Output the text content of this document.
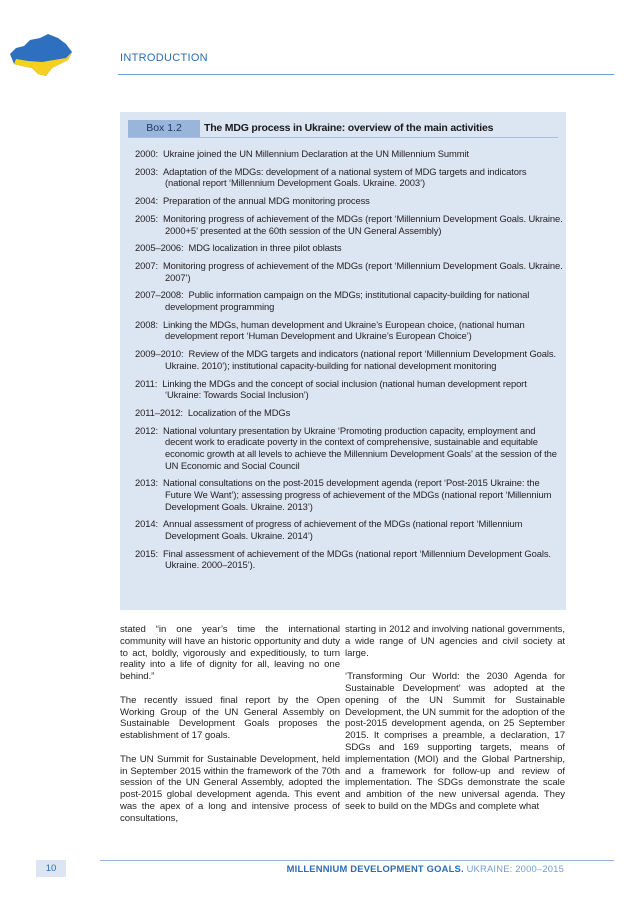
INTRODUCTION
Box 1.2	The MDG process in Ukraine: overview of the main activities
2000:  Ukraine joined the UN Millennium Declaration at the UN Millennium Summit
2003:  Adaptation of the MDGs: development of a national system of MDG targets and indicators (national report ‘Millennium Development Goals. Ukraine. 2003’)
2004:  Preparation of the annual MDG monitoring process
2005:  Monitoring progress of achievement of the MDGs (report ‘Millennium Development Goals. Ukraine. 2000+5’ presented at the 60th session of the UN General Assembly)
2005–2006:  MDG localization in three pilot oblasts
2007:  Monitoring progress of achievement of the MDGs (report ‘Millennium Development Goals. Ukraine. 2007’)
2007–2008:  Public information campaign on the MDGs; institutional capacity-building for national development programming
2008:  Linking the MDGs, human development and Ukraine’s European choice, (national human development report ‘Human Development and Ukraine’s European Choice’)
2009–2010:  Review of the MDG targets and indicators (national report ‘Millennium Development Goals. Ukraine. 2010’); institutional capacity-building for national development monitoring
2011:  Linking the MDGs and the concept of social inclusion (national human development report ‘Ukraine: Towards Social Inclusion’)
2011–2012:  Localization of the MDGs
2012:  National voluntary presentation by Ukraine ‘Promoting production capacity, employment and decent work to eradicate poverty in the context of comprehensive, sustainable and equitable economic growth at all levels to achieve the Millennium Development Goals’ at the session of the UN Economic and Social Council
2013:  National consultations on the post-2015 development agenda (report ‘Post-2015 Ukraine: the Future We Want’); assessing progress of achievement of the MDGs (national report ‘Millennium Development Goals. Ukraine. 2013’)
2014:  Annual assessment of progress of achievement of the MDGs (national report ‘Millennium Development Goals. Ukraine. 2014’)
2015:  Final assessment of achievement of the MDGs (national report ‘Millennium Development Goals. Ukraine. 2000–2015’).

stated “in one year’s time the international community will have an historic opportunity and duty to act, boldly, vigorously and expeditiously, to turn reality into a life of dignity for all, leaving no one behind.”

The recently issued final report by the Open Working Group of the UN General Assembly on Sustainable Development Goals proposes the establishment of 17 goals.

The UN Summit for Sustainable Development, held in September 2015 within the framework of the 70th session of the UN General Assembly, adopted the post-2015 global development agenda. This event was the apex of a long and intensive process of consultations,

starting in 2012 and involving national governments, a wide range of UN agencies and civil society at large.

‘Transforming Our World: the 2030 Agenda for Sustainable Development’ was adopted at the opening of the UN Summit for Sustainable Development, the UN summit for the adoption of the post-2015 development agenda, on 25 September 2015. It comprises a preamble, a declaration, 17 SDGs and 169 supporting targets, means of implementation (MOI) and the Global Partnership, and a framework for follow-up and review of implementation. The SDGs demonstrate the scale and ambition of the new universal agenda. They seek to build on the MDGs and complete what

10	MILLENNIUM DEVELOPMENT GOALS. UKRAINE: 2000–2015
